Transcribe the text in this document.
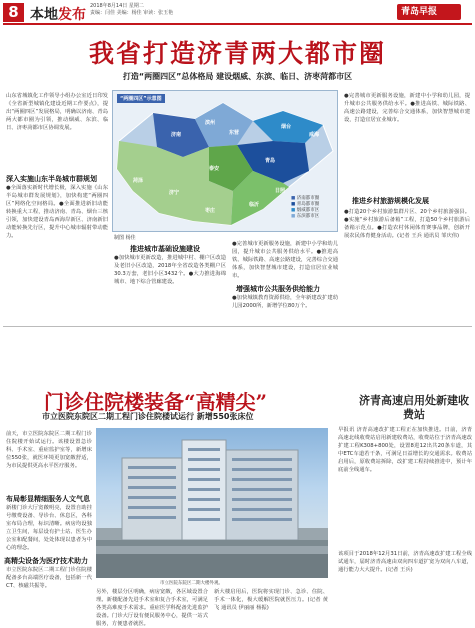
8 本地发布
2018年8月14日 星期二
责编：闫佳 美编：杨佳 审读：张玉艳	青岛早报
我省打造济青两大都市圈
打造“两圈四区”总体格局 建设烟威、东滨、临日、济枣菏都市区
山东省城镇化工作领导小组办公室近日印发《全省新型城镇化建设近期工作要点》，提出“两圈四区”发展格局，明确以济南、青岛两大都市圈为引领，推动烟威、东滨、临日、济枣菏都市区协调发展。
深入实施山东半岛城市群规划
●全面落实新时代增长极，深入实施《山东半岛城市群发展规划》，加快构建“两圈四区”网络化空间格局。●全面推进新旧动能转换重大工程，推动济南、青岛、烟台三核引领，加快建设青岛西海岸新区、济南新旧动能转换先行区，提升中心城市辐射带动能力。
“两圈四区”示意图
济南
青岛
烟台
威海
滨州
东营
日照
临沂
济宁
枣庄
菏泽
泰安
■ 济南都市圈
■ 青岛都市圈
■ 烟威都市区
■ 东滨都市区
制图 杨佳
推进城市基础设施建设
●加快城市更新改造，推进城中村、棚户区改造及老旧小区改造，2018年全省改造各类棚户区30.3万套，老旧小区3432个。●大力推进海绵城市、地下综合管廊建设。
●完善城市更新服务设施，新建中小学和幼儿园，提升城市公共服务供给水平。●推进高铁、城际铁路、高速公路建设，完善综合交通体系，加快智慧城市建设，打造宜居宜业城市。
增强城市公共服务供给能力
●加快城镇教育资源供给，全年新建改扩建幼儿园2000所，新增学位80万个。
●完善城市更新服务设施，新建中小学和幼儿园，提升城市公共服务供给水平。●推进高铁、城际铁路、高速公路建设，完善综合交通体系，加快智慧城市建设，打造宜居宜业城市。
推进乡村旅游规模化发展
●打造20个乡村旅游集群片区、20个乡村旅游强县。●实施“乡村旅游后备箱”工程，打造50个乡村旅游后备箱示范点。●打造农村休闲体育赛事品牌，创新开展农民体育健身活动。(记者 王兵 通讯员 邹庆伟)
门诊住院楼装备“高精尖”
市立医院东院区二期工程门诊住院楼试运行 新增550张床位
前天，市立医院东院区二期工程门诊住院楼开始试运行。该楼设置急诊科、手术室、重症监护室等，新增床位550张，就医环境更加宽敞舒适，为市民提供更高水平医疗服务。
布局彰显精细服务人文气息
新楼门诊大厅宽敞明亮，设置自助挂号缴费设备、导诊台、休息区，各科室布局合理，标识清晰。病房均设独立卫生间，每层设有护士站、医生办公室和配餐间，处处体现以患者为中心的理念。
高精尖设备为医疗技术助力
市立医院东院区二期工程门诊住院楼配备多台高端医疗设备，包括新一代CT、核磁共振等。	市立医院东院区二期大楼外观。
另外，楼层分区明确，病房宽敞，各区域设置合理。新楼配备先进手术室和复合手术室，可满足各类高难度手术需求。重症医学科配备先进监护设备。门诊大厅设有便民服务中心，提供一站式服务，方便患者就医。
新大楼启用后，医院将实现门诊、急诊、住院、手术一体化，极大缓解医院就医压力。(记者 黄飞 通讯员 伊丽丽 杨振)
济青高速启用处新建收费站
早报讯 济青高速改扩建工程正在加快推进。日前，济青高速北线收费站启用新建收费站，收费站位于济青高速改扩建工程K308+800处，设置8进12出共20条车道，其中ETC车道若干条，可满足日益增长的交通需求。收费站启用后，原收费站拆除，改扩建工程持续推进中，预计年底前全线通车。
该项目于2018年12月31日前，济青高速改扩建工程全线试通车，届时济青高速由双向四车道扩宽为双向八车道，通行能力大大提升。(记者 王兵)
